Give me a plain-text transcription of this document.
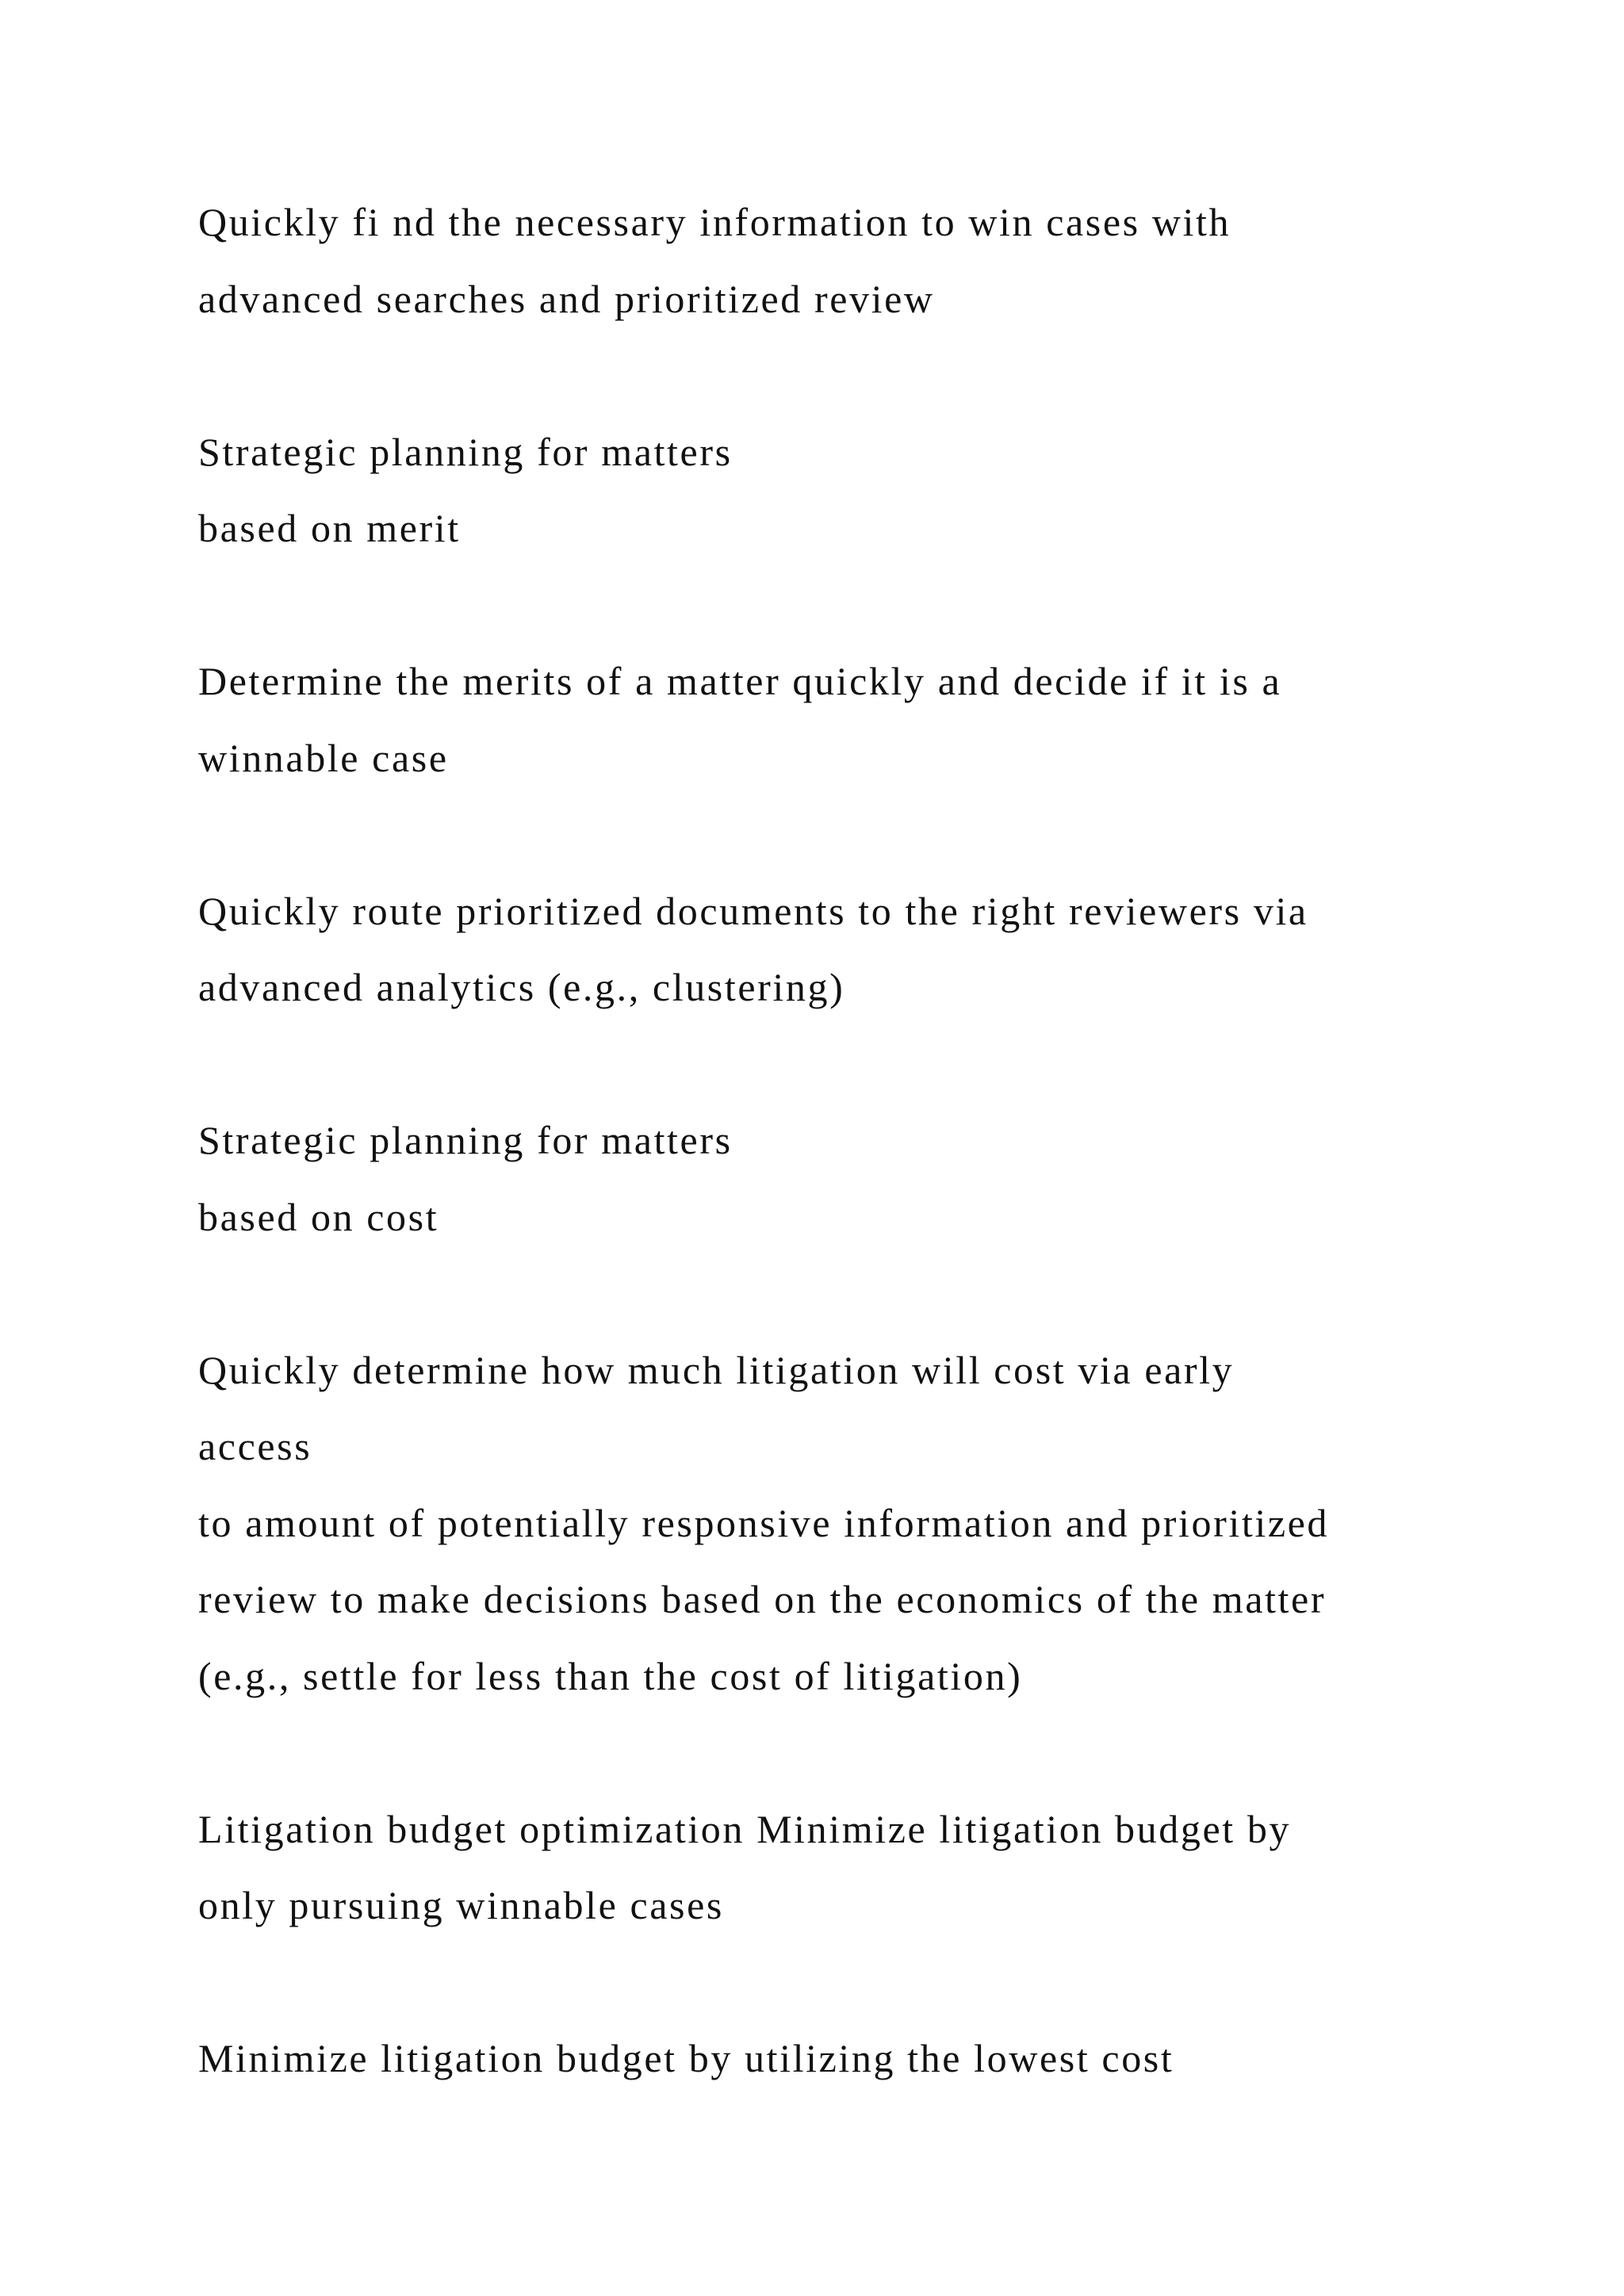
Quickly fi nd the necessary information to win cases with
advanced searches and prioritized review
Strategic planning for matters
based on merit
Determine the merits of a matter quickly and decide if it is a
winnable case
Quickly route prioritized documents to the right reviewers via
advanced analytics (e.g., clustering)
Strategic planning for matters
based on cost
Quickly determine how much litigation will cost via early
access
to amount of potentially responsive information and prioritized
review to make decisions based on the economics of the matter
(e.g., settle for less than the cost of litigation)
Litigation budget optimization Minimize litigation budget by
only pursuing winnable cases
Minimize litigation budget by utilizing the lowest cost
